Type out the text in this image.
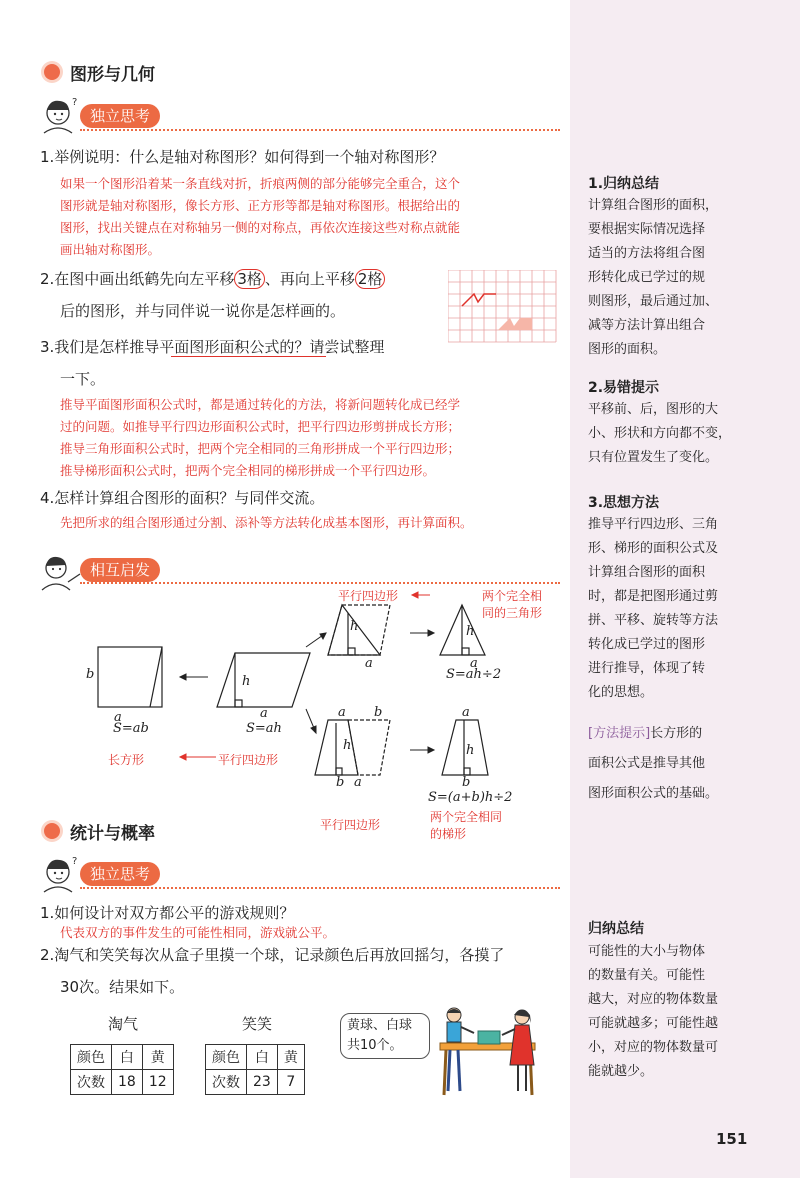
图形与几何
?
独立思考
1.举例说明：什么是轴对称图形？如何得到一个轴对称图形？

如果一个图形沿着某一条直线对折，折痕两侧的部分能够完全重合，这个

图形就是轴对称图形，像长方形、正方形等都是轴对称图形。根据给出的

图形，找出关键点在对称轴另一侧的对称点，再依次连接这些对称点就能

画出轴对称图形。

2.在图中画出纸鹤先向左平移 3格 、再向上平移 2格
后的图形，并与同伴说一说你是怎样画的。
3.我们是怎样推导平面图形面积公式的？请尝试整理
一下。

推导平面图形面积公式时，都是通过转化的方法，将新问题转化成已经学

过的问题。如推导平行四边形面积公式时，把平行四边形剪拼成长方形；

推导三角形面积公式时，把两个完全相同的三角形拼成一个平行四边形；

推导梯形面积公式时，把两个完全相同的梯形拼成一个平行四边形。

4.怎样计算组合图形的面积？与同伴交流。

先把所求的组合图形通过分割、添补等方法转化成基本图形，再计算面积。

相互启发
b
a
S=ab
h
a
S=ah
h
a
h
a
S=ah÷2
a b
h
b a
a
h
b
S=(a+b)h÷2
平行四边形	两个完全相
同的三角形
长方形	平行四边形
平行四边形
两个完全相同
的梯形
统计与概率
?
独立思考
1.如何设计对双方都公平的游戏规则？

代表双方的事件发生的可能性相同，游戏就公平。

2.淘气和笑笑每次从盒子里摸一个球，记录颜色后再放回摇匀，各摸了
30次。结果如下。
淘气	笑笑
颜色	白	黄
次数	18	12
颜色	白	黄
次数	23	7
黄球、白球
共10个。
1.归纳总结

计算组合图形的面积，

要根据实际情况选择

适当的方法将组合图

形转化成已学过的规

则图形，最后通过加、

减等方法计算出组合

图形的面积。

2.易错提示

平移前、后，图形的大

小、形状和方向都不变，

只有位置发生了变化。

3.思想方法

推导平行四边形、三角

形、梯形的面积公式及

计算组合图形的面积

时，都是把图形通过剪

拼、平移、旋转等方法

转化成已学过的图形

进行推导，体现了转

化的思想。

[方法提示]长方形的

面积公式是推导其他

图形面积公式的基础。

归纳总结

可能性的大小与物体

的数量有关。可能性

越大，对应的物体数量

可能就越多；可能性越

小，对应的物体数量可

能就越少。

151
